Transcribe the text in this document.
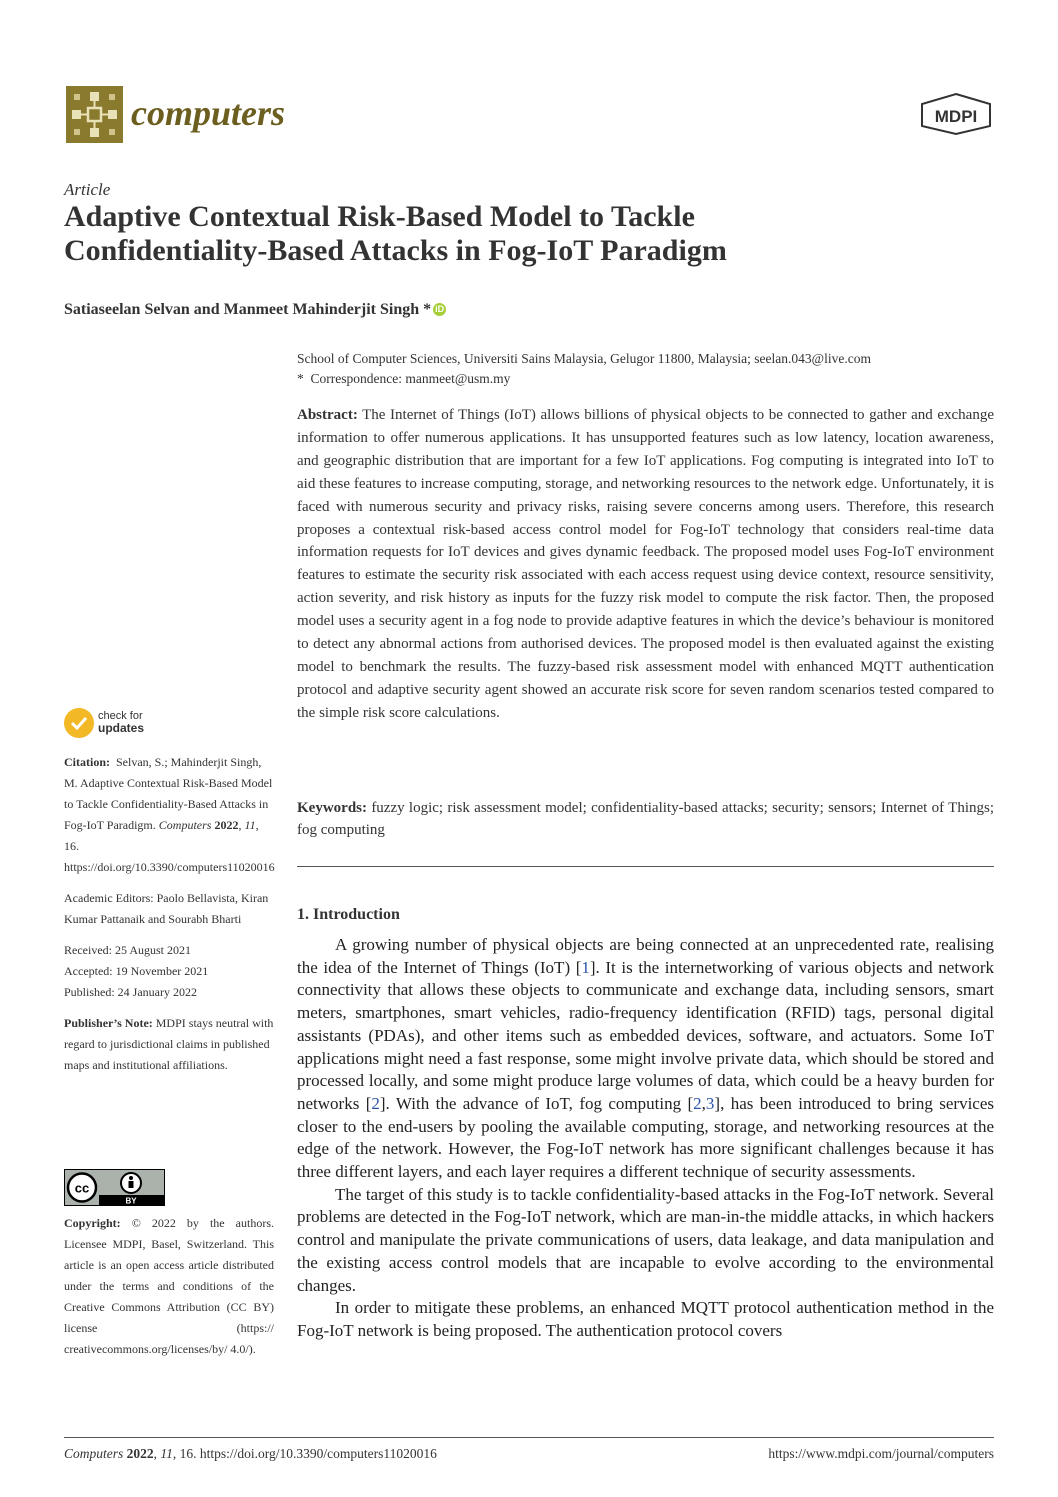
computers	MDPI
Article
Adaptive Contextual Risk-Based Model to Tackle
Confidentiality-Based Attacks in Fog-IoT Paradigm
Satiaseelan Selvan and Manmeet Mahinderjit Singh * iD
School of Computer Sciences, Universiti Sains Malaysia, Gelugor 11800, Malaysia; seelan.043@live.com
*  Correspondence: manmeet@usm.my
Abstract: The Internet of Things (IoT) allows billions of physical objects to be connected to gather and exchange information to offer numerous applications. It has unsupported features such as low latency, location awareness, and geographic distribution that are important for a few IoT applications. Fog computing is integrated into IoT to aid these features to increase computing, storage, and networking resources to the network edge. Unfortunately, it is faced with numerous security and privacy risks, raising severe concerns among users. Therefore, this research proposes a contextual risk-based access control model for Fog-IoT technology that considers real-time data information requests for IoT devices and gives dynamic feedback. The proposed model uses Fog-IoT environment features to estimate the security risk associated with each access request using device context, resource sensitivity, action severity, and risk history as inputs for the fuzzy risk model to compute the risk factor. Then, the proposed model uses a security agent in a fog node to provide adaptive features in which the device’s behaviour is monitored to detect any abnormal actions from authorised devices. The proposed model is then evaluated against the existing model to benchmark the results. The fuzzy-based risk assessment model with enhanced MQTT authentication protocol and adaptive security agent showed an accurate risk score for seven random scenarios tested compared to the simple risk score calculations.
Keywords: fuzzy logic; risk assessment model; confidentiality-based attacks; security; sensors; Internet of Things; fog computing
1. Introduction

A growing number of physical objects are being connected at an unprecedented rate, realising the idea of the Internet of Things (IoT) [1]. It is the internetworking of various objects and network connectivity that allows these objects to communicate and exchange data, including sensors, smart meters, smartphones, smart vehicles, radio-frequency identification (RFID) tags, personal digital assistants (PDAs), and other items such as embedded devices, software, and actuators. Some IoT applications might need a fast response, some might involve private data, which should be stored and processed locally, and some might produce large volumes of data, which could be a heavy burden for networks [2]. With the advance of IoT, fog computing [2,3], has been introduced to bring services closer to the end-users by pooling the available computing, storage, and networking resources at the edge of the network. However, the Fog-IoT network has more significant challenges because it has three different layers, and each layer requires a different technique of security assessments.

The target of this study is to tackle confidentiality-based attacks in the Fog-IoT network. Several problems are detected in the Fog-IoT network, which are man-in-the middle attacks, in which hackers control and manipulate the private communications of users, data leakage, and data manipulation and the existing access control models that are incapable to evolve according to the environmental changes.

In order to mitigate these problems, an enhanced MQTT protocol authentication method in the Fog-IoT network is being proposed. The authentication protocol covers

check for
updates

Citation: Selvan, S.; Mahinderjit Singh, M. Adaptive Contextual Risk-Based Model to Tackle Confidentiality-Based Attacks in Fog-IoT Paradigm. Computers 2022, 11, 16. https://doi.org/10.3390/computers11020016

Academic Editors: Paolo Bellavista, Kiran Kumar Pattanaik and Sourabh Bharti

Received: 25 August 2021
Accepted: 19 November 2021
Published: 24 January 2022

Publisher’s Note: MDPI stays neutral with regard to jurisdictional claims in published maps and institutional affiliations.

cc
BY
Copyright: © 2022 by the authors. Licensee MDPI, Basel, Switzerland. This article is an open access article distributed under the terms and conditions of the Creative Commons Attribution (CC BY) license (https:// creativecommons.org/licenses/by/ 4.0/).
Computers 2022, 11, 16. https://doi.org/10.3390/computers11020016	https://www.mdpi.com/journal/computers
